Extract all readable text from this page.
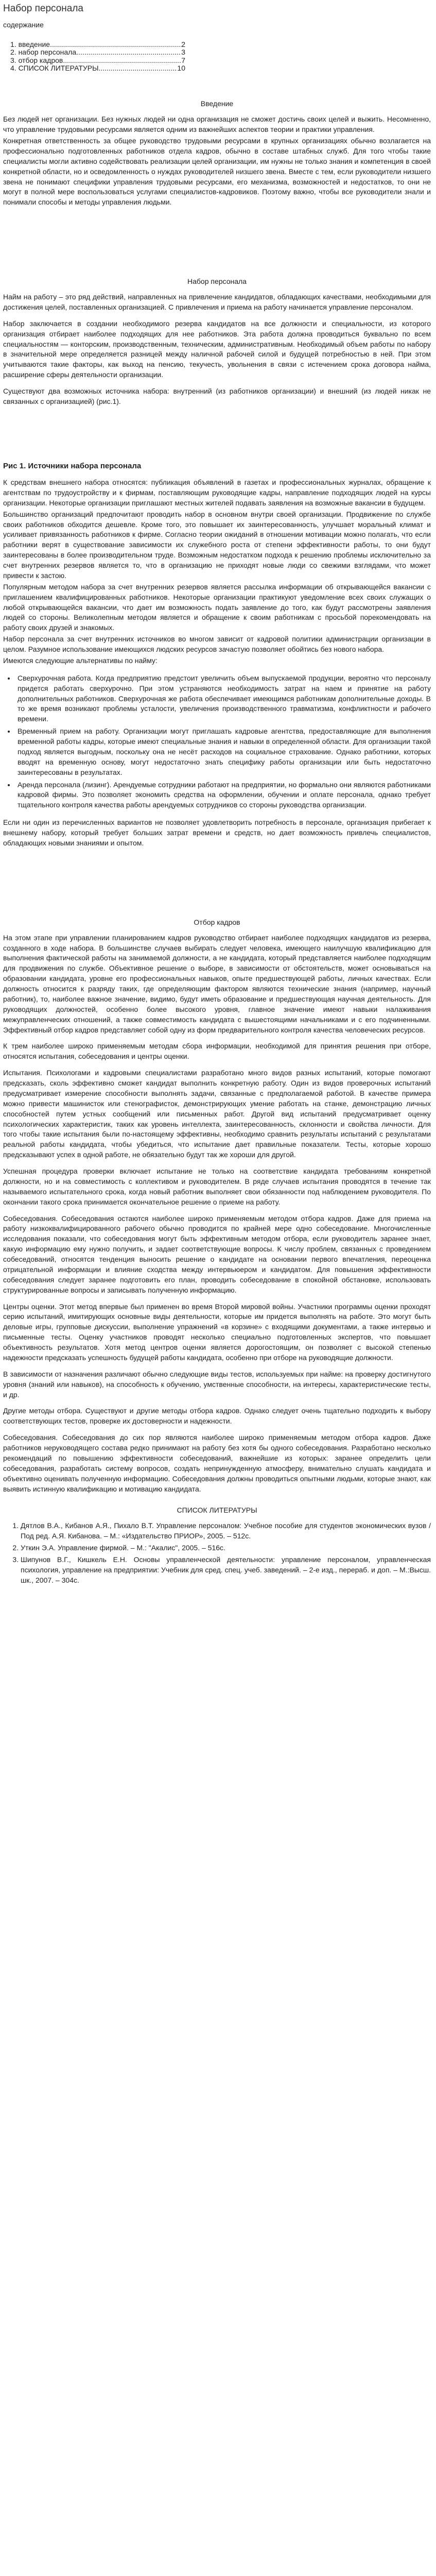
Набор персонала
содержание
1. введение .....	2
2. набор персонала .....	3
3. отбор кадров .....	7
4. СПИСОК ЛИТЕРАТУРЫ .....	10
Введение

Без людей нет организации. Без нужных людей ни одна организация не сможет достичь своих целей и выжить. Несомненно, что управление трудовыми ресурсами является одним из важнейших аспектов теории и практики управления.

Конкретная ответственность за общее руководство трудовыми ресурсами в крупных организациях обычно возлагается на профессионально подготовленных работников отдела кадров, обычно в составе штабных служб. Для того чтобы такие специалисты могли активно содействовать реализации целей организации, им нужны не только знания и компетенция в своей конкретной области, но и осведомленность о нуждах руководителей низшего звена. Вместе с тем, если руководители низшего звена не понимают специфики управления трудовыми ресурсами, его механизма, возможностей и недостатков, то они не могут в полной мере воспользоваться услугами специалистов-кадровиков. Поэтому важно, чтобы все руководители знали и понимали способы и методы управления людьми.

Набор персонала

Найм на работу – это ряд действий, направленных на привлечение кандидатов, обладающих качествами, необходимыми для достижения целей, поставленных организацией. С привлечения и приема на работу начинается управление персоналом.

Набор заключается в создании необходимого резерва кандидатов на все должности и специальности, из которого организация отбирает наиболее подходящих для нее работников. Эта работа должна проводиться буквально по всем специальностям — конторским, производственным, техническим, административным. Необходимый объем работы по набору в значительной мере определяется разницей между наличной рабочей силой и будущей потребностью в ней. При этом учитываются такие факторы, как выход на пенсию, текучесть, увольнения в связи с истечением срока договора найма, расширение сферы деятельности организации.

Существуют два возможных источника набора: внутренний (из работников организации) и внешний (из людей никак не связанных с организацией) (рис.1).

Рис 1. Источники набора персонала

К средствам внешнего набора относятся: публикация объявлений в газетах и профессиональных журналах, обращение к агентствам по трудоустройству и к фирмам, поставляющим руководящие кадры, направление подходящих людей на курсы организации. Некоторые организации приглашают местных жителей подавать заявления на возможные вакансии в будущем.

Большинство организаций предпочитают проводить набор в основном внутри своей организации. Продвижение по службе своих работников обходится дешевле. Кроме того, это повышает их заинтересованность, улучшает моральный климат и усиливает привязанность работников к фирме. Согласно теории ожиданий в отношении мотивации можно полагать, что если работники верят в существование зависимости их служебного роста от степени эффективности работы, то они будут заинтересованы в более производительном труде. Возможным недостатком подхода к решению проблемы исключительно за счет внутренних резервов является то, что в организацию не приходят новые люди со свежими взглядами, что может привести к застою.

Популярным методом набора за счет внутренних резервов является рассылка информации об открывающейся вакансии с приглашением квалифицированных работников. Некоторые организации практикуют уведомление всех своих служащих о любой открывающейся вакансии, что дает им возможность подать заявление до того, как будут рассмотрены заявления людей со стороны. Великолепным методом является и обращение к своим работникам с просьбой порекомендовать на работу своих друзей и знакомых.

Набор персонала за счет внутренних источников во многом зависит от кадровой политики администрации организации в целом. Разумное использование имеющихся людских ресурсов зачастую позволяет обойтись без нового набора.

Имеются следующие альтернативы по найму:

• Сверхурочная работа. Когда предприятию предстоит увеличить объем выпускаемой продукции, вероятно что персоналу придется работать сверхурочно. При этом устраняются необходимость затрат на наем и принятие на работу дополнительных работников. Сверхурочная же работа обеспечивает имеющимся работникам дополнительные доходы. В то же время возникают проблемы усталости, увеличения производственного травматизма, конфликтности и рабочего времени.
• Временный прием на работу. Организации могут приглашать кадровые агентства, предоставляющие для выполнения временной работы кадры, которые имеют специальные знания и навыки в определенной области. Для организации такой подход является выгодным, поскольку она не несёт расходов на социальное страхование. Однако работники, которых вводят на временную основу, могут недостаточно знать специфику работы организации или быть недостаточно заинтересованы в результатах.
• Аренда персонала (лизинг). Арендуемые сотрудники работают на предприятии, но формально они являются работниками кадровой фирмы. Это позволяет экономить средства на оформлении, обучении и оплате персонала, однако требует тщательного контроля качества работы арендуемых сотрудников со стороны руководства организации.

Если ни один из перечисленных вариантов не позволяет удовлетворить потребность в персонале, организация прибегает к внешнему набору, который требует больших затрат времени и средств, но дает возможность привлечь специалистов, обладающих новыми знаниями и опытом.

Отбор кадров

На этом этапе при управлении планированием кадров руководство отбирает наиболее подходящих кандидатов из резерва, созданного в ходе набора. В большинстве случаев выбирать следует человека, имеющего наилучшую квалификацию для выполнения фактической работы на занимаемой должности, а не кандидата, который представляется наиболее подходящим для продвижения по службе. Объективное решение о выборе, в зависимости от обстоятельств, может основываться на образовании кандидата, уровне его профессиональных навыков, опыте предшествующей работы, личных качествах. Если должность относится к разряду таких, где определяющим фактором являются технические знания (например, научный работник), то, наиболее важное значение, видимо, будут иметь образование и предшествующая научная деятельность. Для руководящих должностей, особенно более высокого уровня, главное значение имеют навыки налаживания межуправленческих отношений, а также совместимость кандидата с вышестоящими начальниками и с его подчиненными. Эффективный отбор кадров представляет собой одну из форм предварительного контроля качества человеческих ресурсов.

К трем наиболее широко применяемым методам сбора информации, необходимой для принятия решения при отборе, относятся испытания, собеседования и центры оценки.

Испытания. Психологами и кадровыми специалистами разработано много видов разных испытаний, которые помогают предсказать, сколь эффективно сможет кандидат выполнить конкретную работу. Один из видов проверочных испытаний предусматривает измерение способности выполнять задачи, связанные с предполагаемой работой. В качестве примера можно привести машинисток или стенографисток, демонстрирующих умение работать на станке, демонстрацию личных способностей путем устных сообщений или письменных работ. Другой вид испытаний предусматривает оценку психологических характеристик, таких как уровень интеллекта, заинтересованность, склонности и свойства личности. Для того чтобы такие испытания были по-настоящему эффективны, необходимо сравнить результаты испытаний с результатами реальной работы кандидата, чтобы убедиться, что испытание дает правильные показатели. Тесты, которые хорошо предсказывают успех в одной работе, не обязательно будут так же хороши для другой.

Успешная процедура проверки включает испытание не только на соответствие кандидата требованиям конкретной должности, но и на совместимость с коллективом и руководителем. В ряде случаев испытания проводятся в течение так называемого испытательного срока, когда новый работник выполняет свои обязанности под наблюдением руководителя. По окончании такого срока принимается окончательное решение о приеме на работу.

Собеседования. Собеседования остаются наиболее широко применяемым методом отбора кадров. Даже для приема на работу низкоквалифицированного рабочего обычно проводится по крайней мере одно собеседование. Многочисленные исследования показали, что собеседования могут быть эффективным методом отбора, если руководитель заранее знает, какую информацию ему нужно получить, и задает соответствующие вопросы. К числу проблем, связанных с проведением собеседований, относятся тенденция выносить решение о кандидате на основании первого впечатления, переоценка отрицательной информации и влияние сходства между интервьюером и кандидатом. Для повышения эффективности собеседования следует заранее подготовить его план, проводить собеседование в спокойной обстановке, использовать структурированные вопросы и записывать полученную информацию.

Центры оценки. Этот метод впервые был применен во время Второй мировой войны. Участники программы оценки проходят серию испытаний, имитирующих основные виды деятельности, которые им придется выполнять на работе. Это могут быть деловые игры, групповые дискуссии, выполнение упражнений «в корзине» с входящими документами, а также интервью и письменные тесты. Оценку участников проводят несколько специально подготовленных экспертов, что повышает объективность результатов. Хотя метод центров оценки является дорогостоящим, он позволяет с высокой степенью надежности предсказать успешность будущей работы кандидата, особенно при отборе на руководящие должности.

В зависимости от назначения различают обычно следующие виды тестов, используемых при найме: на проверку достигнутого уровня (знаний или навыков), на способность к обучению, умственные способности, на интересы, характеристические тесты, и др.

Другие методы отбора. Существуют и другие методы отбора кадров. Однако следует очень тщательно подходить к выбору соответствующих тестов, проверке их достоверности и надежности.

Собеседования. Собеседования до сих пор являются наиболее широко применяемым методом отбора кадров. Даже работников неруководящего состава редко принимают на работу без хотя бы одного собеседования. Разработано несколько рекомендаций по повышению эффективности собеседований, важнейшие из которых: заранее определить цели собеседования, разработать систему вопросов, создать непринужденную атмосферу, внимательно слушать кандидата и объективно оценивать полученную информацию. Собеседования должны проводиться опытными людьми, которые знают, как выявить истинную квалификацию и мотивацию кандидата.

СПИСОК ЛИТЕРАТУРЫ
1. Дятлов В.А., Кибанов А.Я., Пихало В.Т. Управление персоналом: Учебное пособие для студентов экономических вузов / Под ред. А.Я. Кибанова. – М.: «Издательство ПРИОР», 2005. – 512с.
2. Уткин Э.А. Управление фирмой. – М.: "Акалис", 2005. – 516с.
3. Шипунов В.Г., Кишкель Е.Н. Основы управленческой деятельности: управление персоналом, управленческая психология, управление на предприятии: Учебник для сред. спец. учеб. заведений. – 2-е изд., перераб. и доп. – М.:Высш. шк., 2007. – 304с.
